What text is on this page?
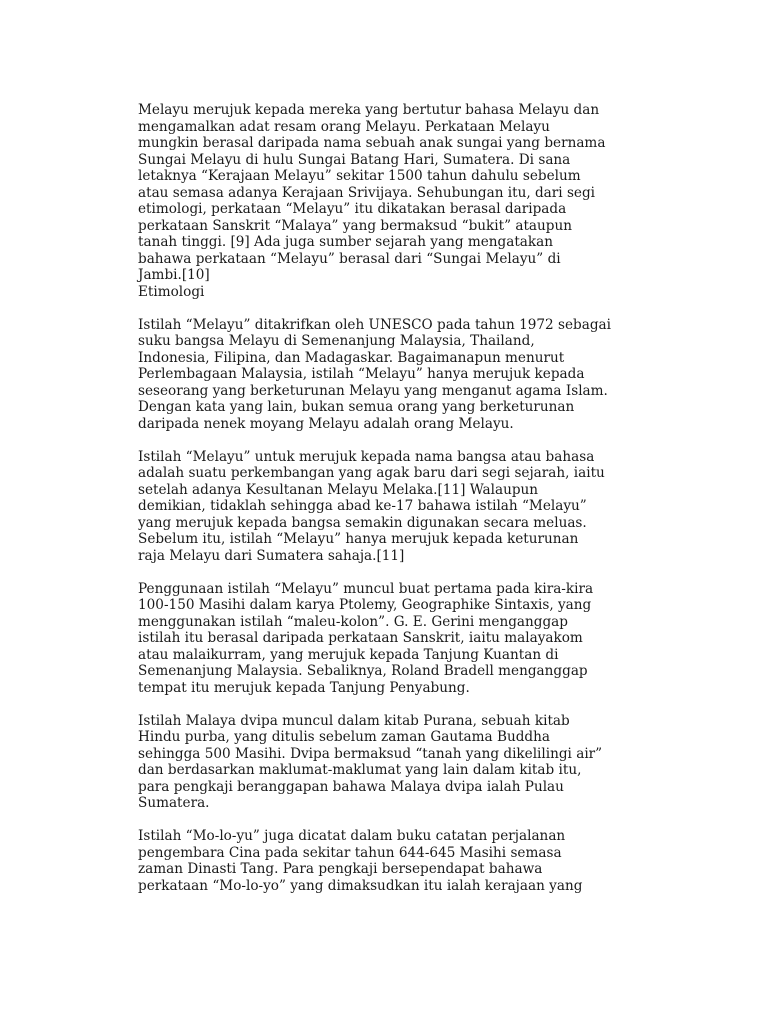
Melayu merujuk kepada mereka yang bertutur bahasa Melayu dan
mengamalkan adat resam orang Melayu. Perkataan Melayu
mungkin berasal daripada nama sebuah anak sungai yang bernama
Sungai Melayu di hulu Sungai Batang Hari, Sumatera. Di sana
letaknya “Kerajaan Melayu” sekitar 1500 tahun dahulu sebelum
atau semasa adanya Kerajaan Srivijaya. Sehubungan itu, dari segi
etimologi, perkataan “Melayu” itu dikatakan berasal daripada
perkataan Sanskrit “Malaya” yang bermaksud “bukit” ataupun
tanah tinggi. [9] Ada juga sumber sejarah yang mengatakan
bahawa perkataan “Melayu” berasal dari “Sungai Melayu” di
Jambi.[10]

Etimologi

Istilah “Melayu” ditakrifkan oleh UNESCO pada tahun 1972 sebagai
suku bangsa Melayu di Semenanjung Malaysia, Thailand,
Indonesia, Filipina, dan Madagaskar. Bagaimanapun menurut
Perlembagaan Malaysia, istilah “Melayu” hanya merujuk kepada
seseorang yang berketurunan Melayu yang menganut agama Islam.
Dengan kata yang lain, bukan semua orang yang berketurunan
daripada nenek moyang Melayu adalah orang Melayu.

Istilah “Melayu” untuk merujuk kepada nama bangsa atau bahasa
adalah suatu perkembangan yang agak baru dari segi sejarah, iaitu
setelah adanya Kesultanan Melayu Melaka.[11] Walaupun
demikian, tidaklah sehingga abad ke-17 bahawa istilah “Melayu”
yang merujuk kepada bangsa semakin digunakan secara meluas.
Sebelum itu, istilah “Melayu” hanya merujuk kepada keturunan
raja Melayu dari Sumatera sahaja.[11]

Penggunaan istilah “Melayu” muncul buat pertama pada kira-kira
100-150 Masihi dalam karya Ptolemy, Geographike Sintaxis, yang
menggunakan istilah “maleu-kolon”. G. E. Gerini menganggap
istilah itu berasal daripada perkataan Sanskrit, iaitu malayakom
atau malaikurram, yang merujuk kepada Tanjung Kuantan di
Semenanjung Malaysia. Sebaliknya, Roland Bradell menganggap
tempat itu merujuk kepada Tanjung Penyabung.

Istilah Malaya dvipa muncul dalam kitab Purana, sebuah kitab
Hindu purba, yang ditulis sebelum zaman Gautama Buddha
sehingga 500 Masihi. Dvipa bermaksud “tanah yang dikelilingi air”
dan berdasarkan maklumat-maklumat yang lain dalam kitab itu,
para pengkaji beranggapan bahawa Malaya dvipa ialah Pulau
Sumatera.

Istilah “Mo-lo-yu” juga dicatat dalam buku catatan perjalanan
pengembara Cina pada sekitar tahun 644-645 Masihi semasa
zaman Dinasti Tang. Para pengkaji bersependapat bahawa
perkataan “Mo-lo-yo” yang dimaksudkan itu ialah kerajaan yang
